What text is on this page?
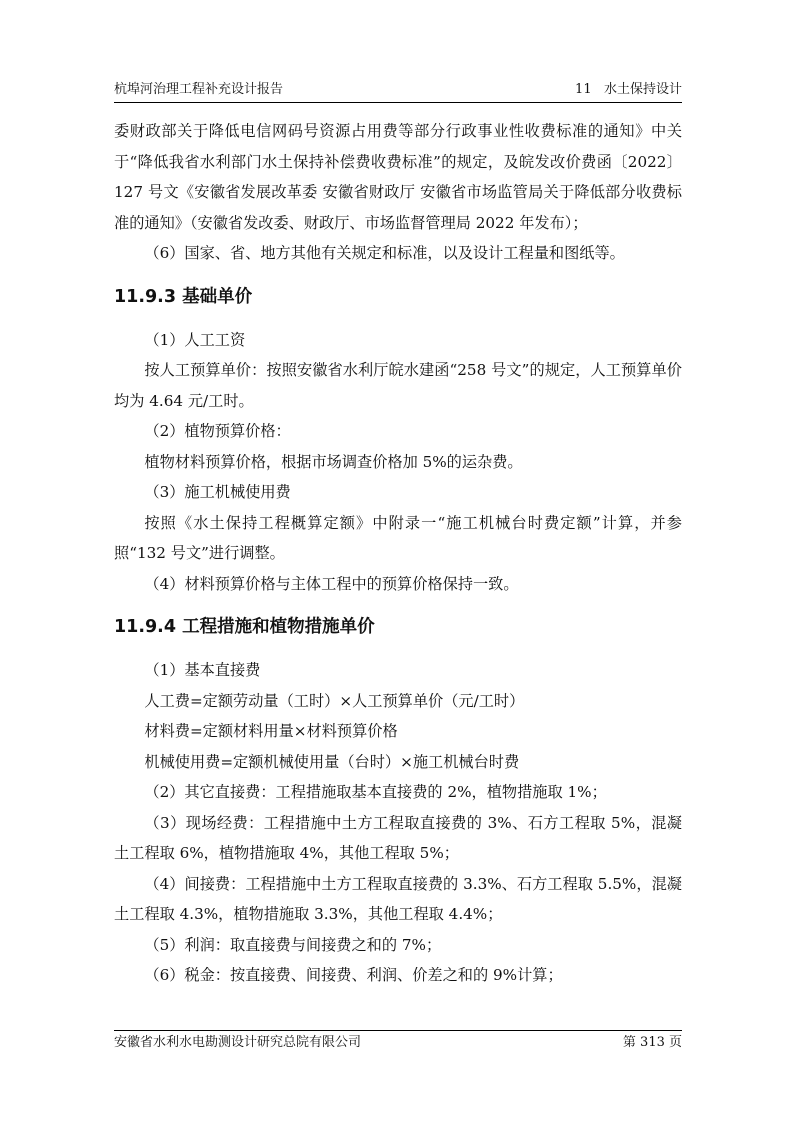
杭埠河治理工程补充设计报告	11   水土保持设计

委财政部关于降低电信网码号资源占用费等部分行政事业性收费标准的通知》中关于“降低我省水利部门水土保持补偿费收费标准”的规定，及皖发改价费函〔2022〕127 号文《安徽省发展改革委 安徽省财政厅 安徽省市场监管局关于降低部分收费标准的通知》（安徽省发改委、财政厅、市场监督管理局 2022 年发布）；

（6）国家、省、地方其他有关规定和标准，以及设计工程量和图纸等。

11.9.3 基础单价

（1）人工工资

按人工预算单价：按照安徽省水利厅皖水建函“258 号文”的规定，人工预算单价均为 4.64 元/工时。

（2）植物预算价格：

植物材料预算价格，根据市场调查价格加 5%的运杂费。

（3）施工机械使用费

按照《水土保持工程概算定额》中附录一“施工机械台时费定额”计算，并参照“132 号文”进行调整。

（4）材料预算价格与主体工程中的预算价格保持一致。

11.9.4 工程措施和植物措施单价

（1）基本直接费

人工费=定额劳动量（工时）×人工预算单价（元/工时）

材料费=定额材料用量×材料预算价格

机械使用费=定额机械使用量（台时）×施工机械台时费

（2）其它直接费：工程措施取基本直接费的 2%，植物措施取 1%；

（3）现场经费：工程措施中土方工程取直接费的 3%、石方工程取 5%，混凝土工程取 6%，植物措施取 4%，其他工程取 5%；

（4）间接费：工程措施中土方工程取直接费的 3.3%、石方工程取 5.5%，混凝土工程取 4.3%，植物措施取 3.3%，其他工程取 4.4%；

（5）利润：取直接费与间接费之和的 7%；

（6）税金：按直接费、间接费、利润、价差之和的 9%计算；

安徽省水利水电勘测设计研究总院有限公司	第 313 页
